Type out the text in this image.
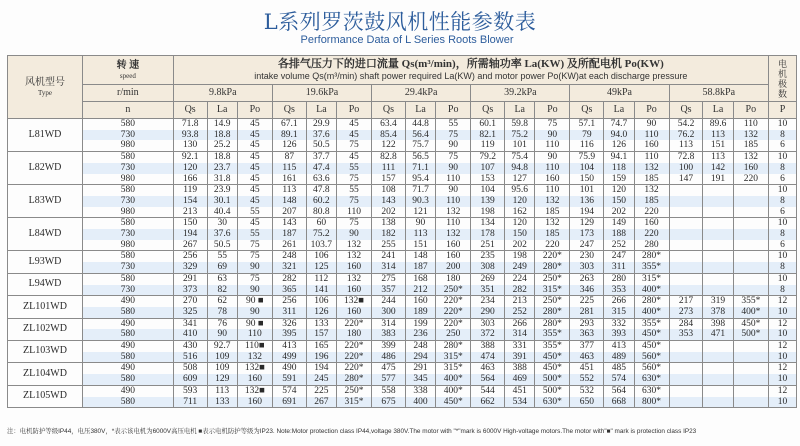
L系列罗茨鼓风机性能参数表
Performance Data of L Series Roots Blower
风机型号
Type

转 速
speed

各排气压力下的进口流量 Qs(m³/min)，所需轴功率 La(KW) 及所配电机 Po(KW)
intake volume Qs(m³/min) shaft power required La(KW) and motor power Po(KW)at each discharge pressure

电机极数

	r/min	9.8kPa			19.6kPa			29.4kPa			39.2kPa			49kPa			58.8kPa			
	n	Qs	La	Po	Qs	La	Po	Qs	La	Po	Qs	La	Po	Qs	La	Po	Qs	La	Po	P
L81WD	580	71.8	14.9	45	67.1	29.9	45	63.4	44.8	55	60.1	59.8	75	57.1	74.7	90	54.2	89.6	110	10
	730	93.8	18.8	45	89.1	37.6	45	85.4	56.4	75	82.1	75.2	90	79	94.0	110	76.2	113	132	8
	980	130	25.2	45	126	50.5	75	122	75.7	90	119	101	110	116	126	160	113	151	185	6
L82WD	580	92.1	18.8	45	87	37.7	45	82.8	56.5	75	79.2	75.4	90	75.9	94.1	110	72.8	113	132	10
	730	120	23.7	45	115	47.4	55	111	71.1	90	107	94.8	110	104	118	132	100	142	160	8
	980	166	31.8	45	161	63.6	75	157	95.4	110	153	127	160	150	159	185	147	191	220	6
L83WD	580	119	23.9	45	113	47.8	55	108	71.7	90	104	95.6	110	101	120	132				10
	730	154	30.1	45	148	60.2	75	143	90.3	110	139	120	132	136	150	185				8
	980	213	40.4	55	207	80.8	110	202	121	132	198	162	185	194	202	220				6
L84WD	580	150	30	45	143	60	75	138	90	110	134	120	132	129	149	160				10
	730	194	37.6	55	187	75.2	90	182	113	132	178	150	185	173	188	220				8
	980	267	50.5	75	261	103.7	132	255	151	160	251	202	220	247	252	280				6
L93WD	580	256	55	75	248	106	132	241	148	160	235	198	220*	230	247	280*				10
	730	329	69	90	321	125	160	314	187	200	308	249	280*	303	311	355*				8
L94WD	580	291	63	75	282	112	132	275	168	180	269	224	250*	263	280	315*				10
	730	373	82	90	365	141	160	357	212	250*	351	282	315*	346	353	400*				8
ZL101WD	490	270	62	90 ■	256	106	132■	244	160	220*	234	213	250*	225	266	280*	217	319	355*	12
	580	325	78	90	311	126	160	300	189	220*	290	252	280*	281	315	400*	273	378	400*	10
ZL102WD	490	341	76	90 ■	326	133	220*	314	199	220*	303	266	280*	293	332	355*	284	398	450*	12
	580	410	90	110	395	157	180	383	236	250	372	314	355*	363	393	450*	353	471	500*	10
ZL103WD	490	430	92.7	110■	413	165	220*	399	248	280*	388	331	355*	377	413	450*				12
	580	516	109	132	499	196	220*	486	294	315*	474	391	450*	463	489	560*				10
ZL104WD	490	508	109	132■	490	194	220*	475	291	315*	463	388	450*	451	485	560*				12
	580	609	129	160	591	245	280*	577	345	400*	564	469	500*	552	574	630*				10
ZL105WD	490	593	113	132■	574	225	250*	558	338	400*	544	451	500*	532	564	630*				12
	580	711	133	160	691	267	315*	675	400	450*	662	534	630*	650	668	800*				10
注：电机防护等级IP44，电压380V，*表示该电机为6000V高压电机 ■表示电机防护等级为IP23. Note:Motor protection class IP44,voltage 380V.The motor with "*"mark is 6000V High-voltage motors.The motor with"■" mark is protection class IP23
